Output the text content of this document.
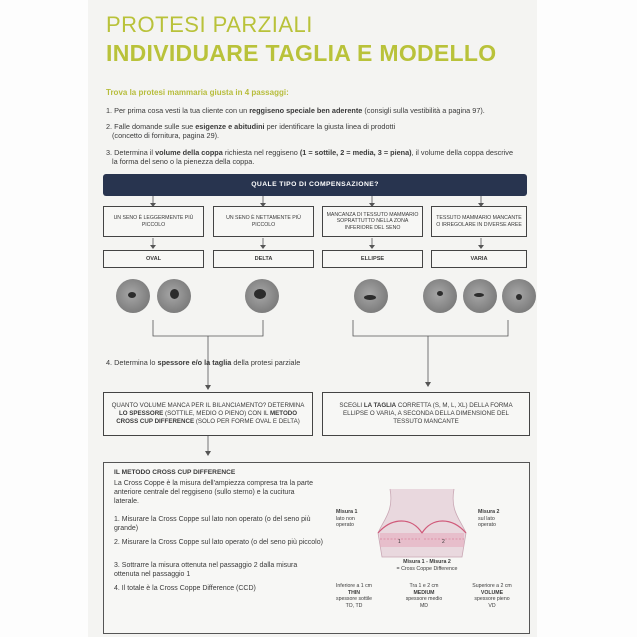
PROTESI PARZIALI
INDIVIDUARE TAGLIA E MODELLO
Trova la protesi mammaria giusta in 4 passaggi:
1. Per prima cosa vesti la tua cliente con un reggiseno speciale ben aderente (consigli sulla vestibilità a pagina 97).
2. Falle domande sulle sue esigenze e abitudini per identificare la giusta linea di prodotti
(concetto di fornitura, pagina 29).
3. Determina il volume della coppa richiesta nel reggiseno (1 = sottile, 2 = media, 3 = piena), il volume della coppa descrive
la forma del seno o la pienezza della coppa.
QUALE TIPO DI COMPENSAZIONE?
UN SENO È LEGGERMENTE PIÙ PICCOLO
UN SENO È NETTAMENTE PIÙ PICCOLO
MANCANZA DI TESSUTO MAMMARIO SOPRATTUTTO NELLA ZONA INFERIORE DEL SENO
TESSUTO MAMMARIO MANCANTE O IRREGOLARE IN DIVERSE AREE
OVAL	DELTA	ELLIPSE	VARIA
4. Determina lo spessore e/o la taglia della protesi parziale
QUANTO VOLUME MANCA PER IL BILANCIAMENTO? DETERMINA LO SPESSORE (SOTTILE, MEDIO O PIENO) CON IL METODO CROSS CUP DIFFERENCE (SOLO PER FORME OVAL E DELTA)
SCEGLI LA TAGLIA CORRETTA (S, M, L, XL) DELLA FORMA ELLIPSE O VARIA, A SECONDA DELLA DIMENSIONE DEL TESSUTO MANCANTE
IL METODO CROSS CUP DIFFERENCE
La Cross Coppe è la misura dell'ampiezza compresa tra la parte anteriore centrale del reggiseno (sullo sterno) e la cucitura laterale.
1. Misurare la Cross Coppe sul lato non operato (o del seno più grande)
2. Misurare la Cross Coppe sul lato operato (o del seno più piccolo)
3. Sottrarre la misura ottenuta nel passaggio 2 dalla misura ottenuta nel passaggio 1
4. Il totale è la Cross Coppe Difference (CCD)
1	2
Misura 1
lato non operato
Misura 2
sul lato operato
Misura 1 - Misura 2
= Cross Coppe Difference
Inferiore a 1 cm
THIN
spessore sottile
TO, TD
Tra 1 e 2 cm
MEDIUM
spessore medio
MD
Superiore a 2 cm
VOLUME
spessore pieno
VD
